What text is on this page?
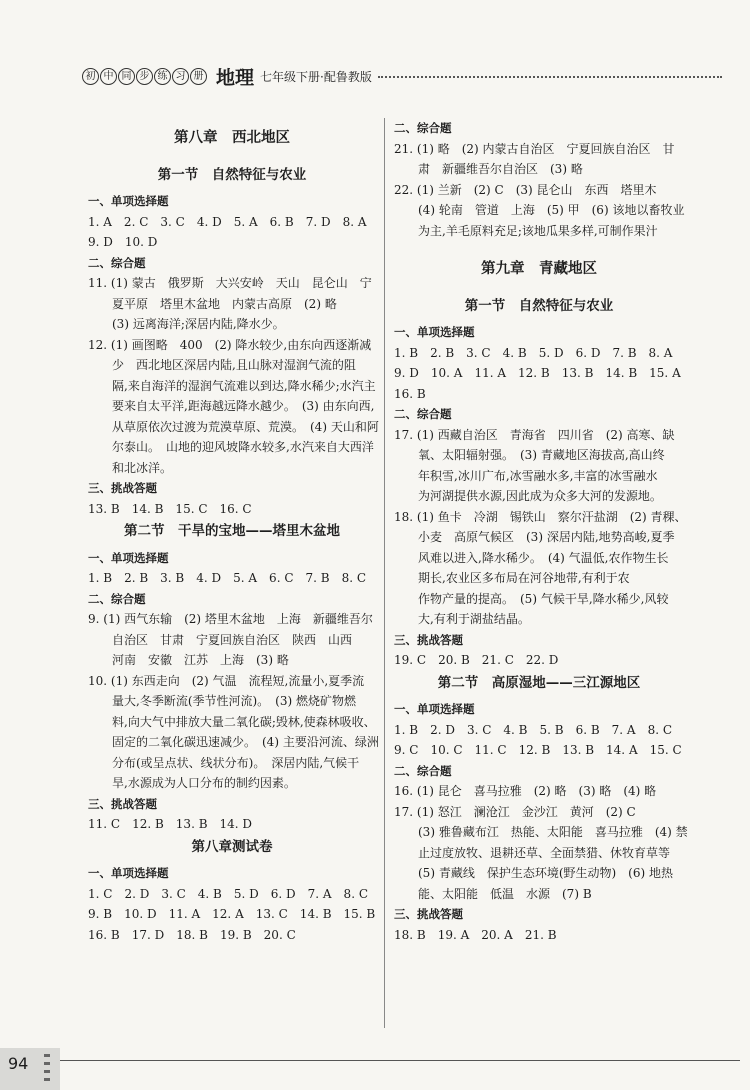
初 中 同 步 练 习 册 地理 七年级下册·配鲁教版
第八章　西北地区
第一节　自然特征与农业
一、单项选择题
1. A　2. C　3. C　4. D　5. A　6. B　7. D　8. A
9. D　10. D
二、综合题
11. (1) 蒙古　俄罗斯　大兴安岭　天山　昆仑山　宁
　　夏平原　塔里木盆地　内蒙古高原　(2) 略
　　(3) 远离海洋;深居内陆,降水少。
12. (1) 画图略　400　(2) 降水较少,由东向西逐渐减
　　少　西北地区深居内陆,且山脉对湿润气流的阻
　　隔,来自海洋的湿润气流难以到达,降水稀少;水汽主
　　要来自太平洋,距海越远降水越少。　(3) 由东向西,
　　从草原依次过渡为荒漠草原、荒漠。　(4) 天山和阿
　　尔泰山。　山地的迎风坡降水较多,水汽来自大西洋
　　和北冰洋。
三、挑战答题
13. B　14. B　15. C　16. C
第二节　干旱的宝地——塔里木盆地
一、单项选择题
1. B　2. B　3. B　4. D　5. A　6. C　7. B　8. C
二、综合题
9. (1) 西气东输　(2) 塔里木盆地　上海　新疆维吾尔
　　自治区　甘肃　宁夏回族自治区　陕西　山西
　　河南　安徽　江苏　上海　(3) 略
10. (1) 东西走向　(2) 气温　流程短,流量小,夏季流
　　量大,冬季断流(季节性河流)。　(3) 燃烧矿物燃
　　料,向大气中排放大量二氧化碳;毁林,使森林吸收、
　　固定的二氧化碳迅速减少。　(4) 主要沿河流、绿洲
　　分布(或呈点状、线状分布)。　深居内陆,气候干
　　旱,水源成为人口分布的制约因素。
三、挑战答题
11. C　12. B　13. B　14. D
第八章测试卷
一、单项选择题
1. C　2. D　3. C　4. B　5. D　6. D　7. A　8. C
9. B　10. D　11. A　12. A　13. C　14. B　15. B
16. B　17. D　18. B　19. B　20. C
二、综合题
21. (1) 略　(2) 内蒙古自治区　宁夏回族自治区　甘
　　肃　新疆维吾尔自治区　(3) 略
22. (1) 兰新　(2) C　(3) 昆仑山　东西　塔里木
　　(4) 轮南　管道　上海　(5) 甲　(6) 该地以畜牧业
　　为主,羊毛原料充足;该地瓜果多样,可制作果汁
第九章　青藏地区
第一节　自然特征与农业
一、单项选择题
1. B　2. B　3. C　4. B　5. D　6. D　7. B　8. A
9. D　10. A　11. A　12. B　13. B　14. B　15. A
16. B
二、综合题
17. (1) 西藏自治区　青海省　四川省　(2) 高寒、缺
　　氧、太阳辐射强。　(3) 青藏地区海拔高,高山终
　　年积雪,冰川广布,冰雪融水多,丰富的冰雪融水
　　为河湖提供水源,因此成为众多大河的发源地。
18. (1) 鱼卡　冷湖　锡铁山　察尔汗盐湖　(2) 青稞、
　　小麦　高原气候区　(3) 深居内陆,地势高峻,夏季
　　风难以进入,降水稀少。　(4) 气温低,农作物生长
　　期长,农业区多布局在河谷地带,有利于农
　　作物产量的提高。　(5) 气候干旱,降水稀少,风较
　　大,有利于湖盐结晶。
三、挑战答题
19. C　20. B　21. C　22. D
第二节　高原湿地——三江源地区
一、单项选择题
1. B　2. D　3. C　4. B　5. B　6. B　7. A　8. C
9. C　10. C　11. C　12. B　13. B　14. A　15. C
二、综合题
16. (1) 昆仑　喜马拉雅　(2) 略　(3) 略　(4) 略
17. (1) 怒江　澜沧江　金沙江　黄河　(2) C
　　(3) 雅鲁藏布江　热能、太阳能　喜马拉雅　(4) 禁
　　止过度放牧、退耕还草、全面禁猎、休牧育草等
　　(5) 青藏线　保护生态环境(野生动物)　(6) 地热
　　能、太阳能　低温　水源　(7) B
三、挑战答题
18. B　19. A　20. A　21. B
94
